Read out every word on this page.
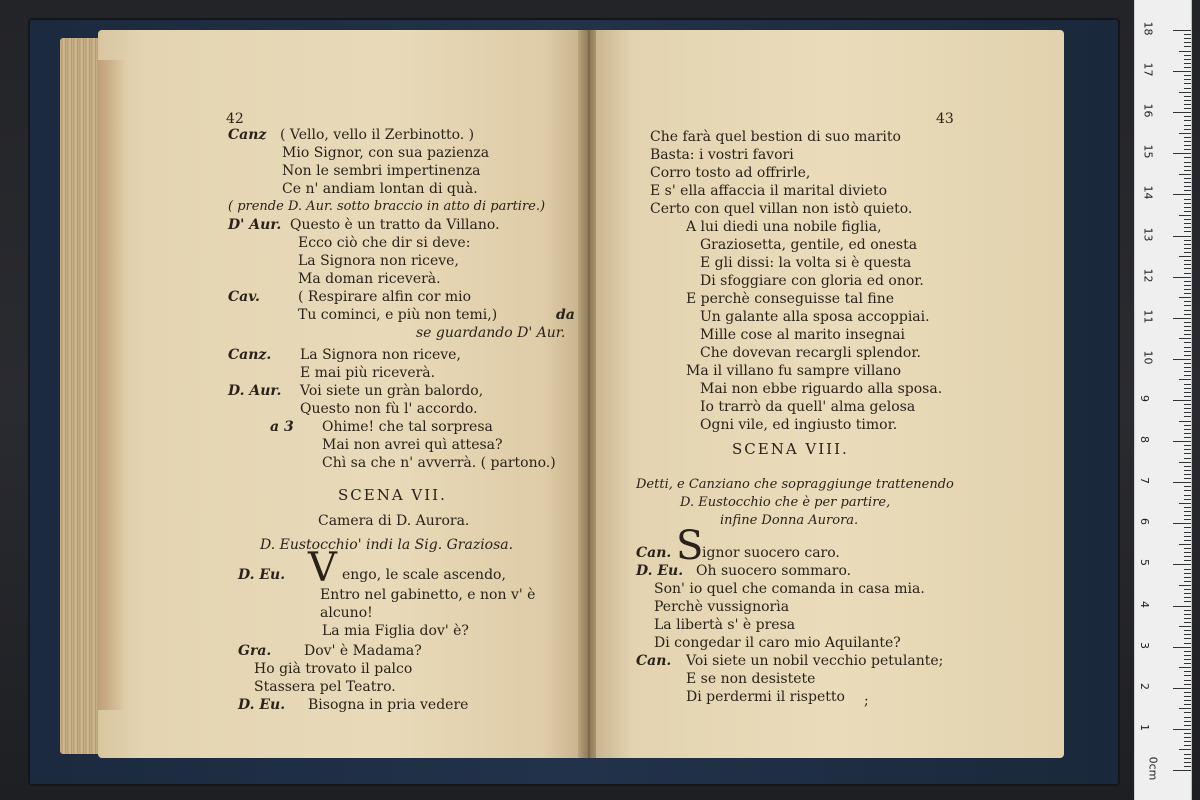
42
Canz ( Vello, vello il Zerbinotto. )
Mio Signor, con sua pazienza
Non le sembri impertinenza
Ce n' andiam lontan di quà.
( prende D. Aur. sotto braccio in atto di partire.)
D' Aur. Questo è un tratto da Villano.
Ecco ciò che dir si deve:
La Signora non riceve,
Ma doman riceverà.
Cav.	( Respirare alfin cor mio
Tu cominci, e più non temi,)	da
se guardando D' Aur.
Canz. La Signora non riceve,
E mai più riceverà.
D. Aur. Voi siete un gràn balordo,
Questo non fù l' accordo.
a 3 Ohime! che tal sorpresa
Mai non avrei quì attesa?
Chì sa che n' avverrà. ( partono.)
SCENA VII.
Camera di D. Aurora.
D. Eustocchio' indi la Sig. Graziosa.
D. Eu. V engo, le scale ascendo,
Entro nel gabinetto, e non v' è
alcuno!
La mia Figlia dov' è?
Gra. Dov' è Madama?
Ho già trovato il palco
Stassera pel Teatro.
D. Eu. Bisogna in pria vedere
43
Che farà quel bestion di suo marito
Basta: i vostri favori
Corro tosto ad offrirle,
E s' ella affaccia il marital divieto
Certo con quel villan non istò quieto.
A lui diedi una nobile figlia,
Graziosetta, gentile, ed onesta
E gli dissi: la volta si è questa
Di sfoggiare con gloria ed onor.
E perchè conseguisse tal fine
Un galante alla sposa accoppiai.
Mille cose al marito insegnai
Che dovevan recargli splendor.
Ma il villano fu sampre villano
Mai non ebbe riguardo alla sposa.
Io trarrò da quell' alma gelosa
Ogni vile, ed ingiusto timor.
SCENA VIII.
Detti, e Canziano che sopraggiunge trattenendo
D. Eustocchio che è per partire,
infine Donna Aurora.
Can. S
ignor suocero caro.
D. Eu. Oh suocero sommaro.
Son' io quel che comanda in casa mia.
Perchè vussignorìa
La libertà s' è presa
Di congedar il caro mio Aquilante?
Can. Voi siete un nobil vecchio petulante;
E se non desistete
Di perdermi il rispetto ;
18
17
16
15
14
13
12
11
10
9
8
7
6
5
4
3
2
1
0cm
